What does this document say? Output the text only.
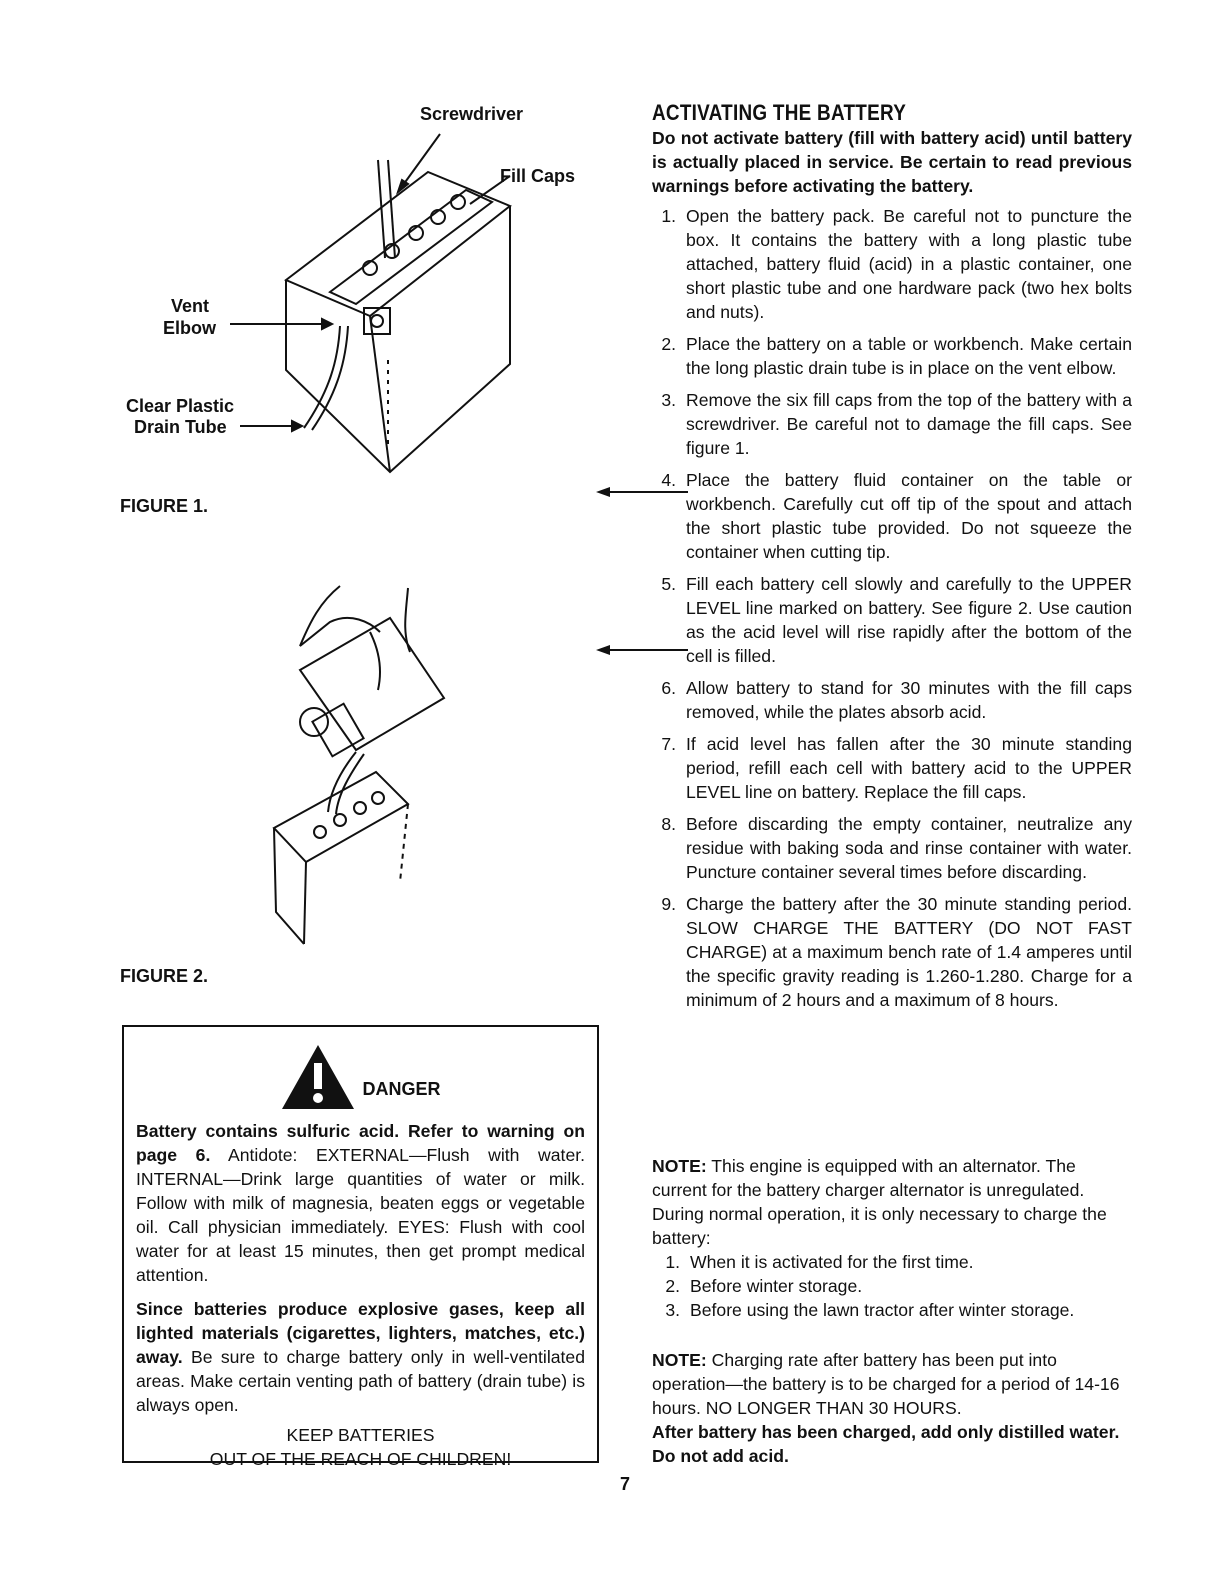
Screwdriver
Fill Caps
Vent
Elbow
Clear Plastic
Drain Tube
FIGURE 1.
FIGURE 2.
DANGER

Battery contains sulfuric acid. Refer to warning on page 6. Antidote: EXTERNAL—Flush with water. INTERNAL—Drink large quantities of water or milk. Follow with milk of magnesia, beaten eggs or vegetable oil. Call physician immediately. EYES: Flush with cool water for at least 15 minutes, then get prompt medical attention.

Since batteries produce explosive gases, keep all lighted materials (cigarettes, lighters, matches, etc.) away. Be sure to charge battery only in well-ventilated areas. Make certain venting path of battery (drain tube) is always open.

KEEP BATTERIES
OUT OF THE REACH OF CHILDREN!
ACTIVATING THE BATTERY

Do not activate battery (fill with battery acid) until battery is actually placed in service. Be certain to read previous warnings before activating the battery.

1. Open the battery pack. Be careful not to puncture the box. It contains the battery with a long plastic tube attached, battery fluid (acid) in a plastic container, one short plastic tube and one hardware pack (two hex bolts and nuts).
2. Place the battery on a table or workbench. Make certain the long plastic drain tube is in place on the vent elbow.
3. Remove the six fill caps from the top of the battery with a screwdriver. Be careful not to damage the fill caps. See figure 1.
4. Place the battery fluid container on the table or workbench. Carefully cut off tip of the spout and attach the short plastic tube provided. Do not squeeze the container when cutting tip.
5. Fill each battery cell slowly and carefully to the UPPER LEVEL line marked on battery. See figure 2. Use caution as the acid level will rise rapidly after the bottom of the cell is filled.
6. Allow battery to stand for 30 minutes with the fill caps removed, while the plates absorb acid.
7. If acid level has fallen after the 30 minute standing period, refill each cell with battery acid to the UPPER LEVEL line on battery. Replace the fill caps.
8. Before discarding the empty container, neutralize any residue with baking soda and rinse container with water. Puncture container several times before discarding.
9. Charge the battery after the 30 minute standing period. SLOW CHARGE THE BATTERY (DO NOT FAST CHARGE) at a maximum bench rate of 1.4 amperes until the specific gravity reading is 1.260-1.280. Charge for a minimum of 2 hours and a maximum of 8 hours.

NOTE: This engine is equipped with an alternator. The current for the battery charger alternator is unregulated. During normal operation, it is only necessary to charge the battery:

1. When it is activated for the first time.
2. Before winter storage.
3. Before using the lawn tractor after winter storage.

NOTE: Charging rate after battery has been put into operation—the battery is to be charged for a period of 14-16 hours. NO LONGER THAN 30 HOURS.

After battery has been charged, add only distilled water. Do not add acid.

7
